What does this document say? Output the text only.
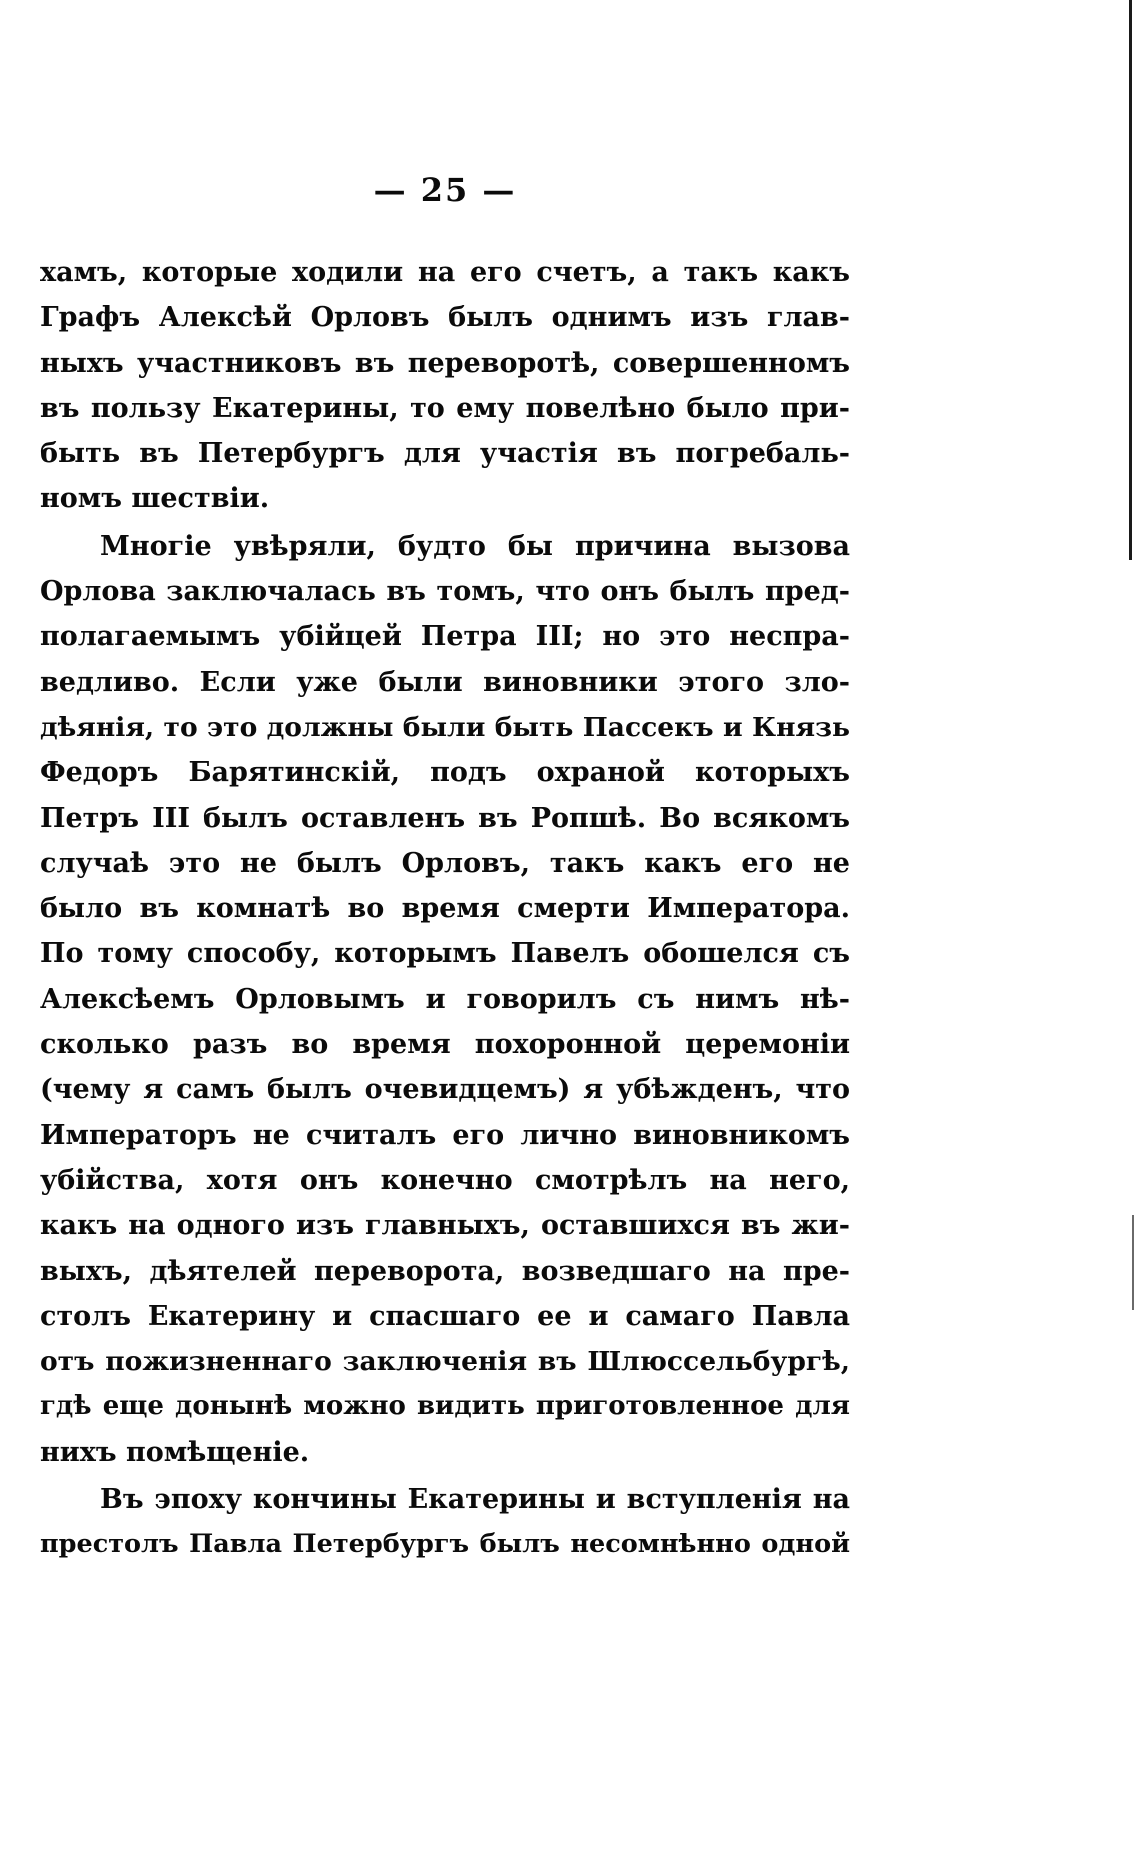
— 25 —
хамъ, которые ходили на его счетъ, а такъ какъ
Графъ Алексѣй Орловъ былъ однимъ изъ глав-
ныхъ участниковъ въ переворотѣ, совершенномъ
въ пользу Екатерины, то ему повелѣно было при-
быть въ Петербургъ для участія въ погребаль-
номъ шествіи.
Многіе увѣряли, будто бы причина вызова
Орлова заключалась въ томъ, что онъ былъ пред-
полагаемымъ убійцей Петра III; но это неспра-
ведливо. Если уже были виновники этого зло-
дѣянія, то это должны были быть Пассекъ и Князь
Федоръ Барятинскій, подъ охраной которыхъ
Петръ III былъ оставленъ въ Ропшѣ. Во всякомъ
случаѣ это не былъ Орловъ, такъ какъ его не
было въ комнатѣ во время смерти Императора.
По тому способу, которымъ Павелъ обошелся съ
Алексѣемъ Орловымъ и говорилъ съ нимъ нѣ-
сколько разъ во время похоронной церемоніи
(чему я самъ былъ очевидцемъ) я убѣжденъ, что
Императоръ не считалъ его лично виновникомъ
убійства, хотя онъ конечно смотрѣлъ на него,
какъ на одного изъ главныхъ, оставшихся въ жи-
выхъ, дѣятелей переворота, возведшаго на пре-
столъ Екатерину и спасшаго ее и самаго Павла
отъ пожизненнаго заключенія въ Шлюссельбургѣ,
гдѣ еще донынѣ можно видить приготовленное для
нихъ помѣщеніе.
Въ эпоху кончины Екатерины и вступленія на
престолъ Павла Петербургъ былъ несомнѣнно одной
